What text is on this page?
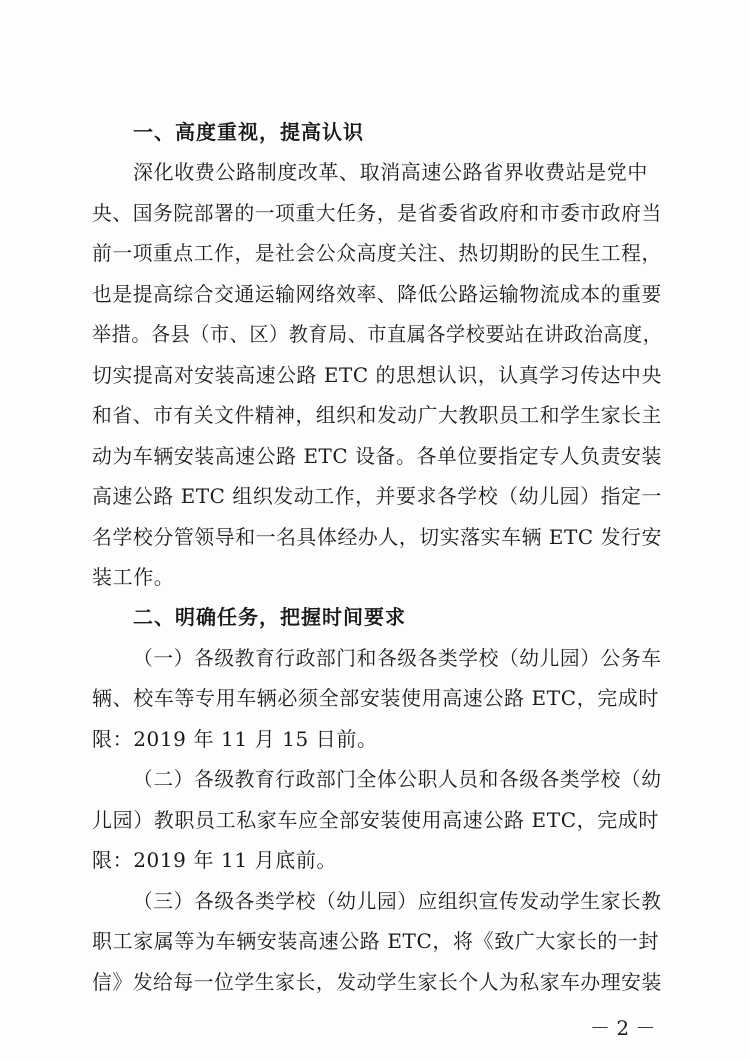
一、高度重视，提高认识
深化收费公路制度改革、取消高速公路省界收费站是党中
央、国务院部署的一项重大任务，是省委省政府和市委市政府当
前一项重点工作，是社会公众高度关注、热切期盼的民生工程，
也是提高综合交通运输网络效率、降低公路运输物流成本的重要
举措。各县（市、区）教育局、市直属各学校要站在讲政治高度，
切实提高对安装高速公路 ETC 的思想认识，认真学习传达中央
和省、市有关文件精神，组织和发动广大教职员工和学生家长主
动为车辆安装高速公路 ETC 设备。各单位要指定专人负责安装
高速公路 ETC 组织发动工作，并要求各学校（幼儿园）指定一
名学校分管领导和一名具体经办人，切实落实车辆 ETC 发行安
装工作。
二、明确任务，把握时间要求
（一）各级教育行政部门和各级各类学校（幼儿园）公务车
辆、校车等专用车辆必须全部安装使用高速公路 ETC，完成时
限：2019 年 11 月 15 日前。
（二）各级教育行政部门全体公职人员和各级各类学校（幼
儿园）教职员工私家车应全部安装使用高速公路 ETC，完成时
限：2019 年 11 月底前。
（三）各级各类学校（幼儿园）应组织宣传发动学生家长教
职工家属等为车辆安装高速公路 ETC，将《致广大家长的一封
信》发给每一位学生家长，发动学生家长个人为私家车办理安装
－ 2 －
